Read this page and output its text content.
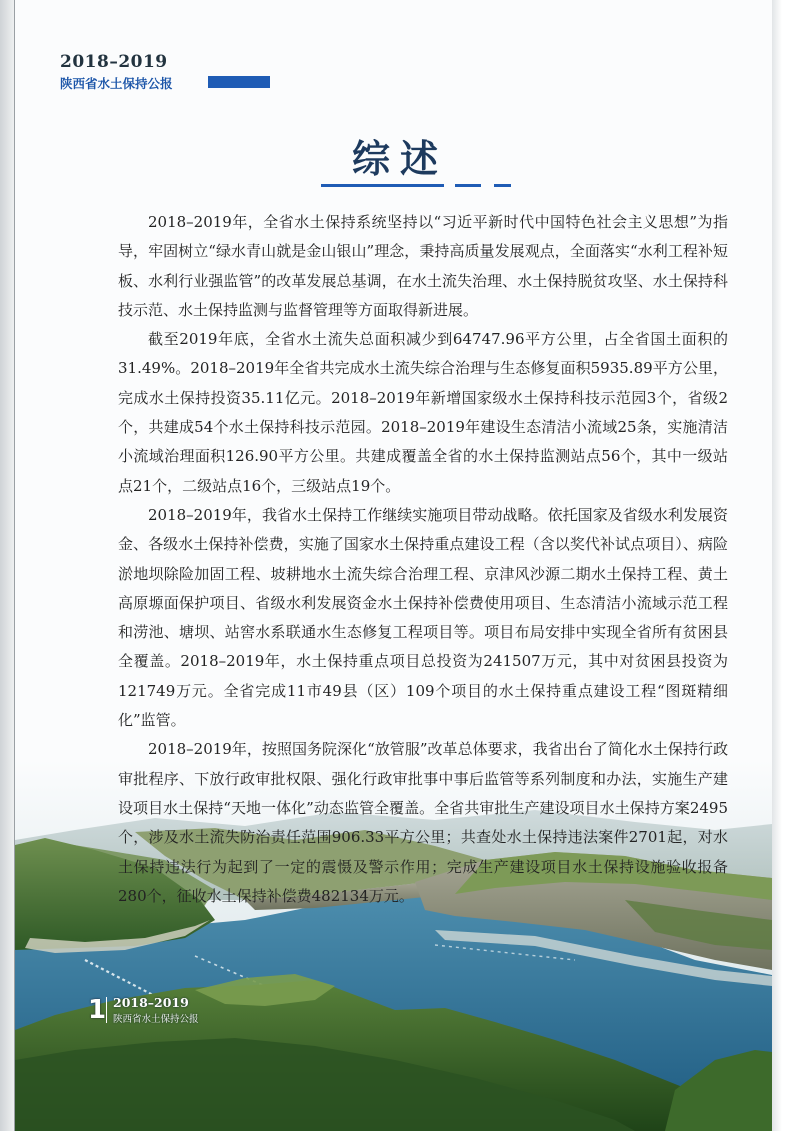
2018–2019
陕西省水土保持公报
综述

2018–2019年，全省水土保持系统坚持以“习近平新时代中国特色社会主义思想”为指导，牢固树立“绿水青山就是金山银山”理念，秉持高质量发展观点，全面落实“水利工程补短板、水利行业强监管”的改革发展总基调，在水土流失治理、水土保持脱贫攻坚、水土保持科技示范、水土保持监测与监督管理等方面取得新进展。

截至2019年底，全省水土流失总面积减少到64747.96平方公里，占全省国土面积的31.49%。2018–2019年全省共完成水土流失综合治理与生态修复面积5935.89平方公里，完成水土保持投资35.11亿元。2018–2019年新增国家级水土保持科技示范园3个，省级2个，共建成54个水土保持科技示范园。2018–2019年建设生态清洁小流域25条，实施清洁小流域治理面积126.90平方公里。共建成覆盖全省的水土保持监测站点56个，其中一级站点21个，二级站点16个，三级站点19个。

2018–2019年，我省水土保持工作继续实施项目带动战略。依托国家及省级水利发展资金、各级水土保持补偿费，实施了国家水土保持重点建设工程（含以奖代补试点项目）、病险淤地坝除险加固工程、坡耕地水土流失综合治理工程、京津风沙源二期水土保持工程、黄土高原塬面保护项目、省级水利发展资金水土保持补偿费使用项目、生态清洁小流域示范工程和涝池、塘坝、站窖水系联通水生态修复工程项目等。项目布局安排中实现全省所有贫困县全覆盖。2018–2019年，水土保持重点项目总投资为241507万元，其中对贫困县投资为121749万元。全省完成11市49县（区）109个项目的水土保持重点建设工程“图斑精细化”监管。

2018–2019年，按照国务院深化“放管服”改革总体要求，我省出台了简化水土保持行政审批程序、下放行政审批权限、强化行政审批事中事后监管等系列制度和办法，实施生产建设项目水土保持“天地一体化”动态监管全覆盖。全省共审批生产建设项目水土保持方案2495个，涉及水土流失防治责任范围906.33平方公里；共查处水土保持违法案件2701起，对水土保持违法行为起到了一定的震慑及警示作用；完成生产建设项目水土保持设施验收报备280个，征收水土保持补偿费482134万元。

1 2018–2019
陕西省水土保持公报
